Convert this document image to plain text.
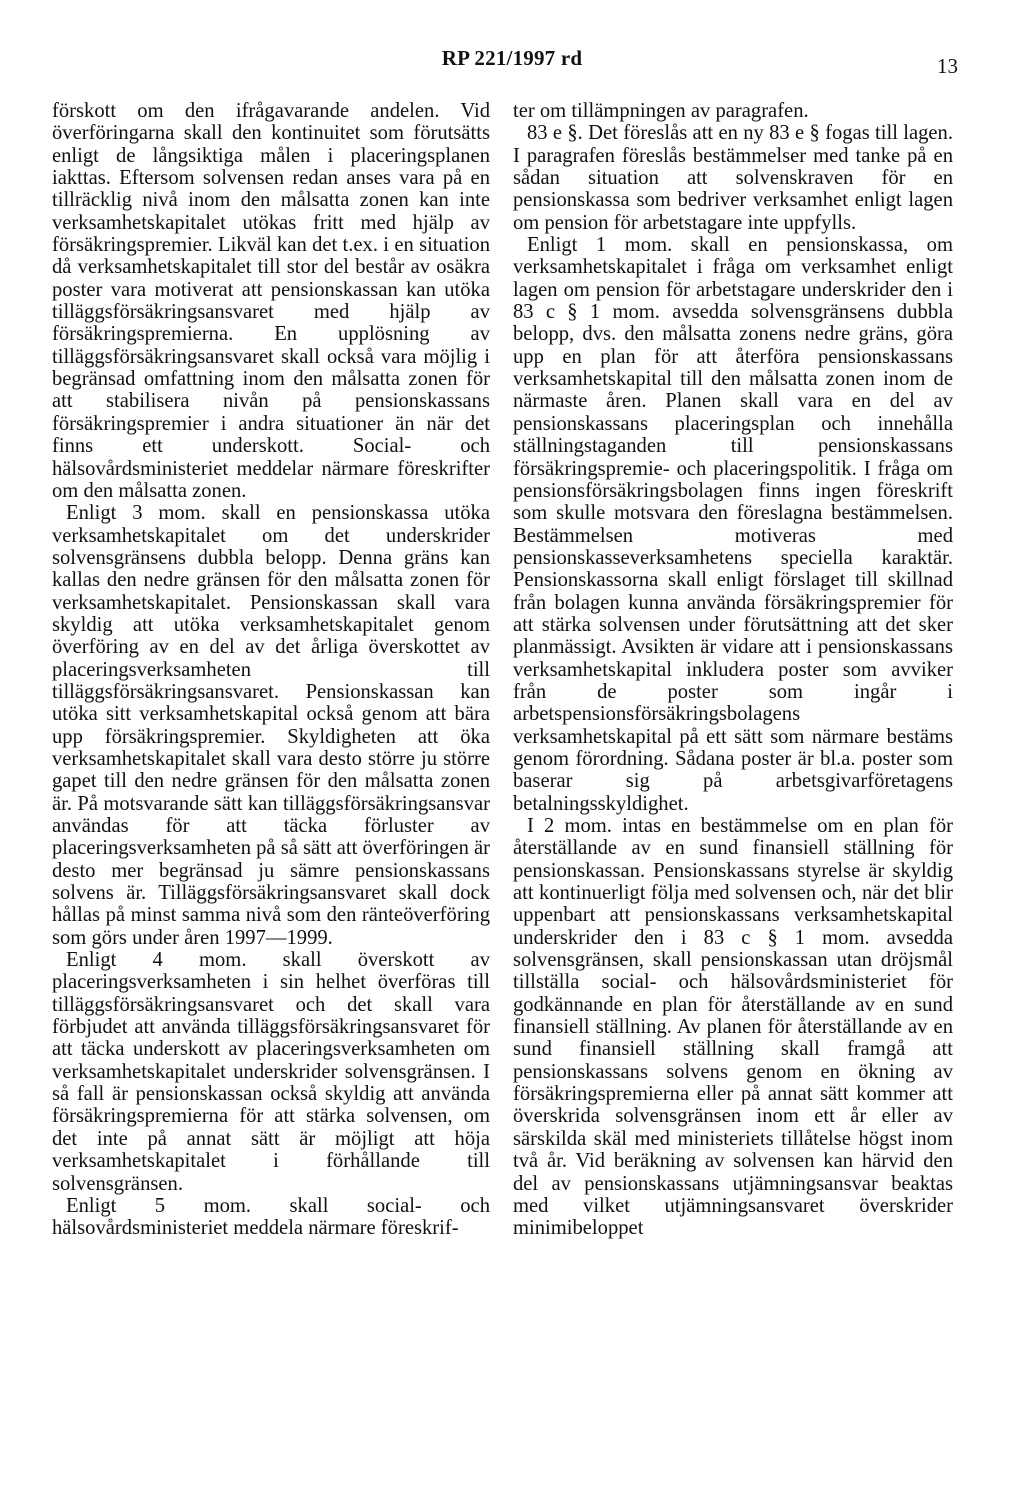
RP 221/1997 rd	13

förskott om den ifrågavarande andelen. Vid överföringarna skall den kontinuitet som förutsätts enligt de långsiktiga målen i placeringsplanen iakttas. Eftersom solvensen redan anses vara på en tillräcklig nivå inom den målsatta zonen kan inte verksamhetskapitalet utökas fritt med hjälp av försäkringspremier. Likväl kan det t.ex. i en situation då verksamhetskapitalet till stor del består av osäkra poster vara motiverat att pensionskassan kan utöka tilläggsförsäkringsansvaret med hjälp av försäkringspremierna. En upplösning av tilläggsförsäkringsansvaret skall också vara möjlig i begränsad omfattning inom den målsatta zonen för att stabilisera nivån på pensionskassans försäkringspremier i andra situationer än när det finns ett underskott. Social- och hälsovårdsministeriet meddelar närmare föreskrifter om den målsatta zonen.

Enligt 3 mom. skall en pensionskassa utöka verksamhetskapitalet om det underskrider solvensgränsens dubbla belopp. Denna gräns kan kallas den nedre gränsen för den målsatta zonen för verksamhetskapitalet. Pensionskassan skall vara skyldig att utöka verksamhetskapitalet genom överföring av en del av det årliga överskottet av placeringsverksamheten till tilläggsförsäkringsansvaret. Pensionskassan kan utöka sitt verksamhetskapital också genom att bära upp försäkringspremier. Skyldigheten att öka verksamhetskapitalet skall vara desto större ju större gapet till den nedre gränsen för den målsatta zonen är. På motsvarande sätt kan tilläggsförsäkringsansvar användas för att täcka förluster av placeringsverksamheten på så sätt att överföringen är desto mer begränsad ju sämre pensionskassans solvens är. Tilläggsförsäkringsansvaret skall dock hållas på minst samma nivå som den ränteöverföring som görs under åren 1997—1999.

Enligt 4 mom. skall överskott av placeringsverksamheten i sin helhet överföras till tilläggsförsäkringsansvaret och det skall vara förbjudet att använda tilläggsförsäkringsansvaret för att täcka underskott av placeringsverksamheten om verksamhetskapitalet underskrider solvensgränsen. I så fall är pensionskassan också skyldig att använda försäkringspremierna för att stärka solvensen, om det inte på annat sätt är möjligt att höja verksamhetskapitalet i förhållande till solvensgränsen.

Enligt 5 mom. skall social- och hälsovårdsministeriet meddela närmare föreskrif-

ter om tillämpningen av paragrafen.

83 e §. Det föreslås att en ny 83 e § fogas till lagen. I paragrafen föreslås bestämmelser med tanke på en sådan situation att solvenskraven för en pensionskassa som bedriver verksamhet enligt lagen om pension för arbetstagare inte uppfylls.

Enligt 1 mom. skall en pensionskassa, om verksamhetskapitalet i fråga om verksamhet enligt lagen om pension för arbetstagare underskrider den i 83 c § 1 mom. avsedda solvensgränsens dubbla belopp, dvs. den målsatta zonens nedre gräns, göra upp en plan för att återföra pensionskassans verksamhetskapital till den målsatta zonen inom de närmaste åren. Planen skall vara en del av pensionskassans placeringsplan och innehålla ställningstaganden till pensionskassans försäkringspremie- och placeringspolitik. I fråga om pensionsförsäkringsbolagen finns ingen föreskrift som skulle motsvara den föreslagna bestämmelsen. Bestämmelsen motiveras med pensionskasseverksamhetens speciella karaktär. Pensionskassorna skall enligt förslaget till skillnad från bolagen kunna använda försäkringspremier för att stärka solvensen under förutsättning att det sker planmässigt. Avsikten är vidare att i pensionskassans verksamhetskapital inkludera poster som avviker från de poster som ingår i arbetspensionsförsäkringsbolagens verksamhetskapital på ett sätt som närmare bestäms genom förordning. Sådana poster är bl.a. poster som baserar sig på arbetsgivarföretagens betalningsskyldighet.

I 2 mom. intas en bestämmelse om en plan för återställande av en sund finansiell ställning för pensionskassan. Pensionskassans styrelse är skyldig att kontinuerligt följa med solvensen och, när det blir uppenbart att pensionskassans verksamhetskapital underskrider den i 83 c § 1 mom. avsedda solvensgränsen, skall pensionskassan utan dröjsmål tillställa social- och hälsovårdsministeriet för godkännande en plan för återställande av en sund finansiell ställning. Av planen för återställande av en sund finansiell ställning skall framgå att pensionskassans solvens genom en ökning av försäkringspremierna eller på annat sätt kommer att överskrida solvensgränsen inom ett år eller av särskilda skäl med ministeriets tillåtelse högst inom två år. Vid beräkning av solvensen kan härvid den del av pensionskassans utjämningsansvar beaktas med vilket utjämningsansvaret överskrider minimibeloppet
